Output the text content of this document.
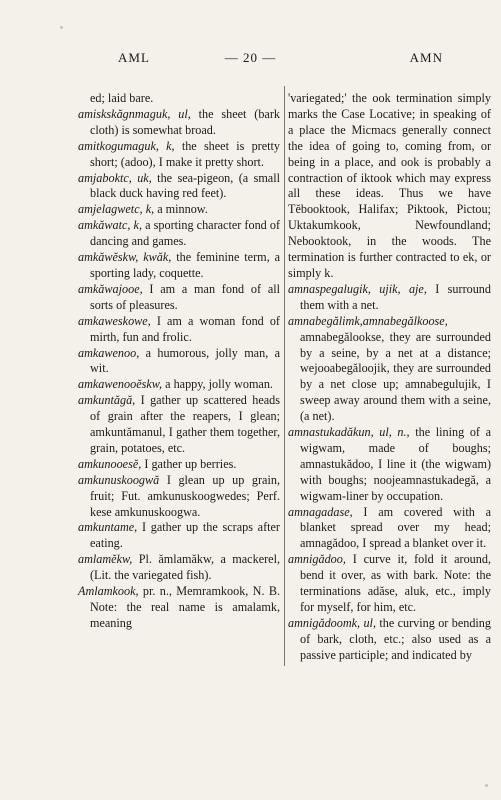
AML	— 20 —	AMN

ed; laid bare.

amiskskăgnmaguk, ul, the sheet (bark cloth) is somewhat broad.

amitkogumaguk, k, the sheet is pretty short; (adoo), I make it pretty short.

amjaboktc, uk, the sea-pigeon, (a small black duck having red feet).

amjelagwetc, k, a minnow.

amkăwatc, k, a sporting character fond of dancing and games.

amkăwĕskw, kwăk, the feminine term, a sporting lady, coquette.

amkăwajooe, I am a man fond of all sorts of pleasures.

amkaweskowe, I am a woman fond of mirth, fun and frolic.

amkawenoo, a humorous, jolly man, a wit.

amkawenooĕskw, a happy, jolly woman.

amkuntăgă, I gather up scattered heads of grain after the reapers, I glean; amkuntămanul, I gather them together, grain, potatoes, etc.

amkunooesĕ, I gather up berries.

amkunuskoogwă I glean up up grain, fruit; Fut. amkunuskoogwedes; Perf. kese amkunuskoogwa.

amkuntame, I gather up the scraps after eating.

amlamĕkw, Pl. ămlamăkw, a mackerel, (Lit. the variegated fish).

Amlamkook, pr. n., Memramkook, N. B. Note: the real name is amalamk, meaning

'variegated;' the ook termination simply marks the Case Locative; in speaking of a place the Micmacs generally connect the idea of going to, coming from, or being in a place, and ook is probably a contraction of iktook which may express all these ideas. Thus we have Tĕbooktook, Halifax; Piktook, Pictou; Uktakumkook, Newfoundland; Nebooktook, in the woods. The termination is further contracted to ek, or simply k.

amnaspegalugik, ujik, aje, I surround them with a net.

amnabegălimk,amnabegălkoose, amnabegălookse, they are surrounded by a seine, by a net at a distance; wejooabegăloojik, they are surrounded by a net close up; amnabegulujik, I sweep away around them with a seine, (a net).

amnastukadăkun, ul, n., the lining of a wigwam, made of boughs; amnastukădoo, I line it (the wigwam) with boughs; noojeamnastukadegă, a wigwam-liner by occupation.

amnagadase, I am covered with a blanket spread over my head; amnagădoo, I spread a blanket over it.

amnigădoo, I curve it, fold it around, bend it over, as with bark. Note: the terminations adăse, aluk, etc., imply for myself, for him, etc.

amnigădoomk, ul, the curving or bending of bark, cloth, etc.; also used as a passive participle; and indicated by
